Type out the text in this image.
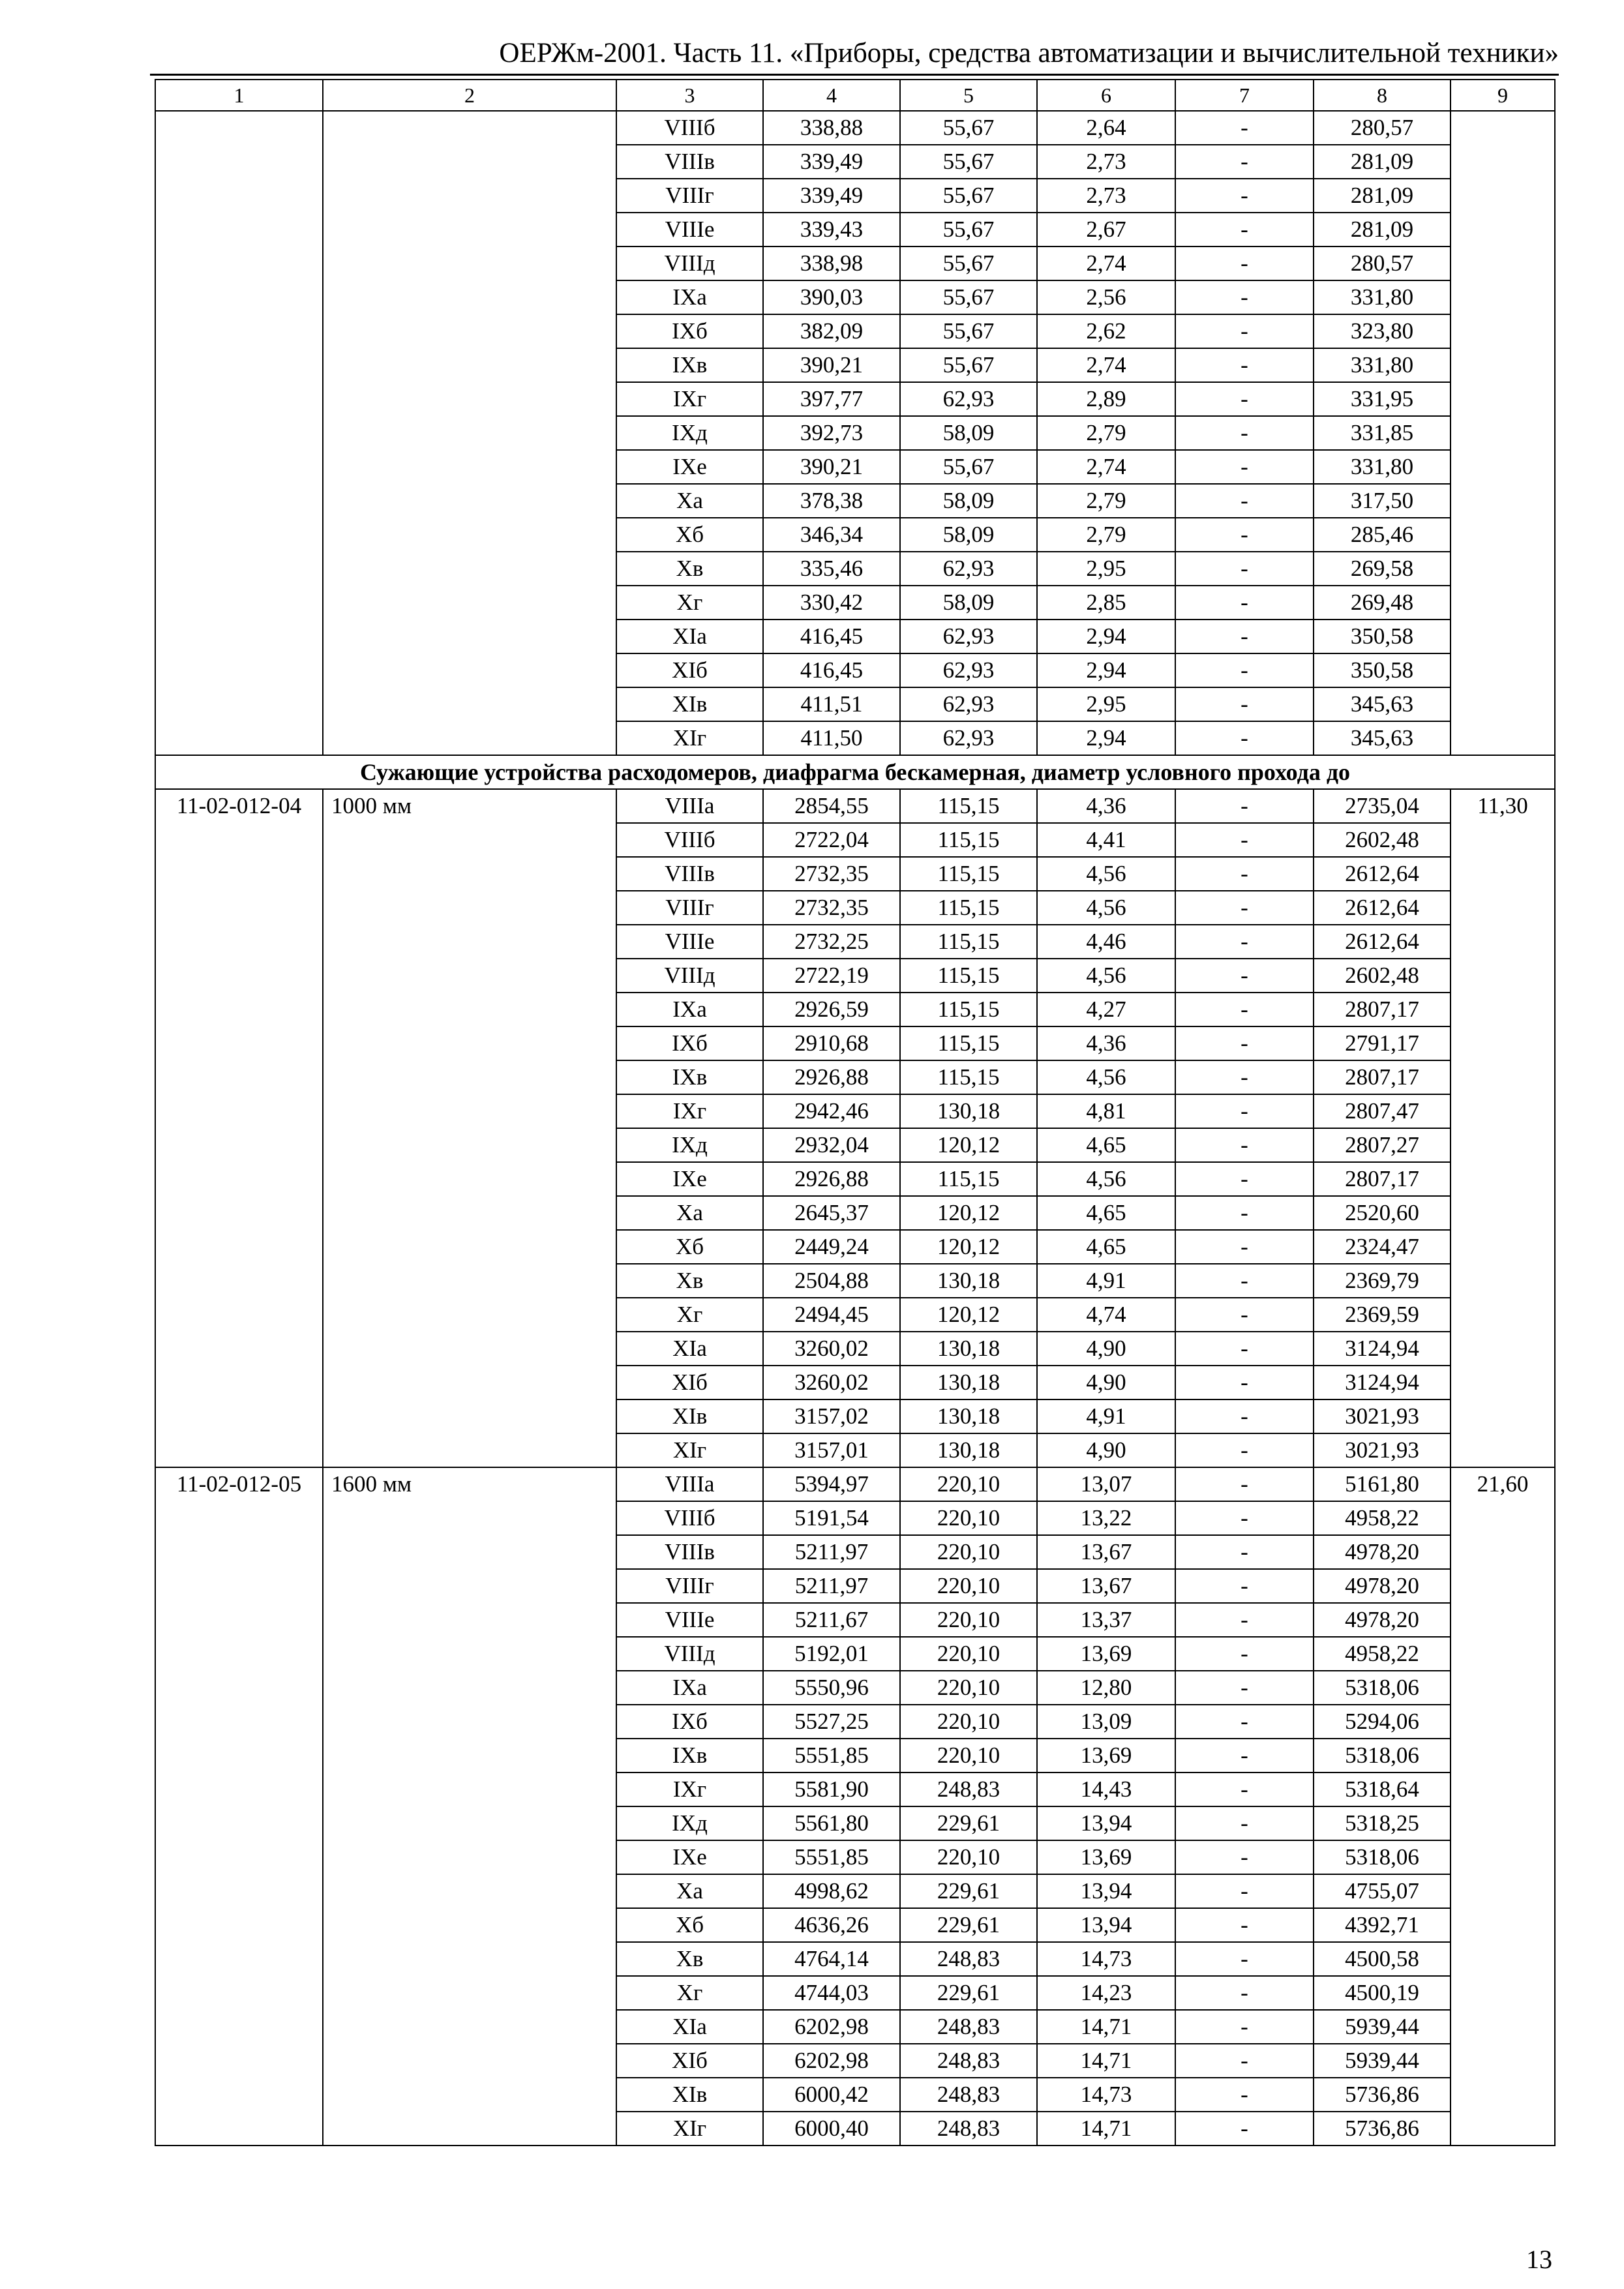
ОЕРЖм-2001. Часть 11. «Приборы, средства автоматизации и вычислительной техники»
1	2	3	4	5	6	7	8	9
		VIIIб	338,88	55,67	2,64	-	280,57	
		VIIIв	339,49	55,67	2,73	-	281,09	
		VIIIг	339,49	55,67	2,73	-	281,09	
		VIIIe	339,43	55,67	2,67	-	281,09	
		VIIIд	338,98	55,67	2,74	-	280,57	
		IXa	390,03	55,67	2,56	-	331,80	
		IXб	382,09	55,67	2,62	-	323,80	
		IXв	390,21	55,67	2,74	-	331,80	
		IXг	397,77	62,93	2,89	-	331,95	
		IXд	392,73	58,09	2,79	-	331,85	
		IXe	390,21	55,67	2,74	-	331,80	
		Xa	378,38	58,09	2,79	-	317,50	
		Xб	346,34	58,09	2,79	-	285,46	
		Xв	335,46	62,93	2,95	-	269,58	
		Xг	330,42	58,09	2,85	-	269,48	
		XIa	416,45	62,93	2,94	-	350,58	
		XIб	416,45	62,93	2,94	-	350,58	
		XIв	411,51	62,93	2,95	-	345,63	
		XIг	411,50	62,93	2,94	-	345,63	
Сужающие устройства расходомеров, диафрагма бескамерная, диаметр условного прохода до								
11-02-012-04	1000 мм	VIIIa	2854,55	115,15	4,36	-	2735,04	11,30
		VIIIб	2722,04	115,15	4,41	-	2602,48	
		VIIIв	2732,35	115,15	4,56	-	2612,64	
		VIIIг	2732,35	115,15	4,56	-	2612,64	
		VIIIe	2732,25	115,15	4,46	-	2612,64	
		VIIIд	2722,19	115,15	4,56	-	2602,48	
		IXa	2926,59	115,15	4,27	-	2807,17	
		IXб	2910,68	115,15	4,36	-	2791,17	
		IXв	2926,88	115,15	4,56	-	2807,17	
		IXг	2942,46	130,18	4,81	-	2807,47	
		IXд	2932,04	120,12	4,65	-	2807,27	
		IXe	2926,88	115,15	4,56	-	2807,17	
		Xa	2645,37	120,12	4,65	-	2520,60	
		Xб	2449,24	120,12	4,65	-	2324,47	
		Xв	2504,88	130,18	4,91	-	2369,79	
		Xг	2494,45	120,12	4,74	-	2369,59	
		XIa	3260,02	130,18	4,90	-	3124,94	
		XIб	3260,02	130,18	4,90	-	3124,94	
		XIв	3157,02	130,18	4,91	-	3021,93	
		XIг	3157,01	130,18	4,90	-	3021,93	
11-02-012-05	1600 мм	VIIIa	5394,97	220,10	13,07	-	5161,80	21,60
		VIIIб	5191,54	220,10	13,22	-	4958,22	
		VIIIв	5211,97	220,10	13,67	-	4978,20	
		VIIIг	5211,97	220,10	13,67	-	4978,20	
		VIIIe	5211,67	220,10	13,37	-	4978,20	
		VIIIд	5192,01	220,10	13,69	-	4958,22	
		IXa	5550,96	220,10	12,80	-	5318,06	
		IXб	5527,25	220,10	13,09	-	5294,06	
		IXв	5551,85	220,10	13,69	-	5318,06	
		IXг	5581,90	248,83	14,43	-	5318,64	
		IXд	5561,80	229,61	13,94	-	5318,25	
		IXe	5551,85	220,10	13,69	-	5318,06	
		Xa	4998,62	229,61	13,94	-	4755,07	
		Xб	4636,26	229,61	13,94	-	4392,71	
		Xв	4764,14	248,83	14,73	-	4500,58	
		Xг	4744,03	229,61	14,23	-	4500,19	
		XIa	6202,98	248,83	14,71	-	5939,44	
		XIб	6202,98	248,83	14,71	-	5939,44	
		XIв	6000,42	248,83	14,73	-	5736,86	
		XIг	6000,40	248,83	14,71	-	5736,86	
13
